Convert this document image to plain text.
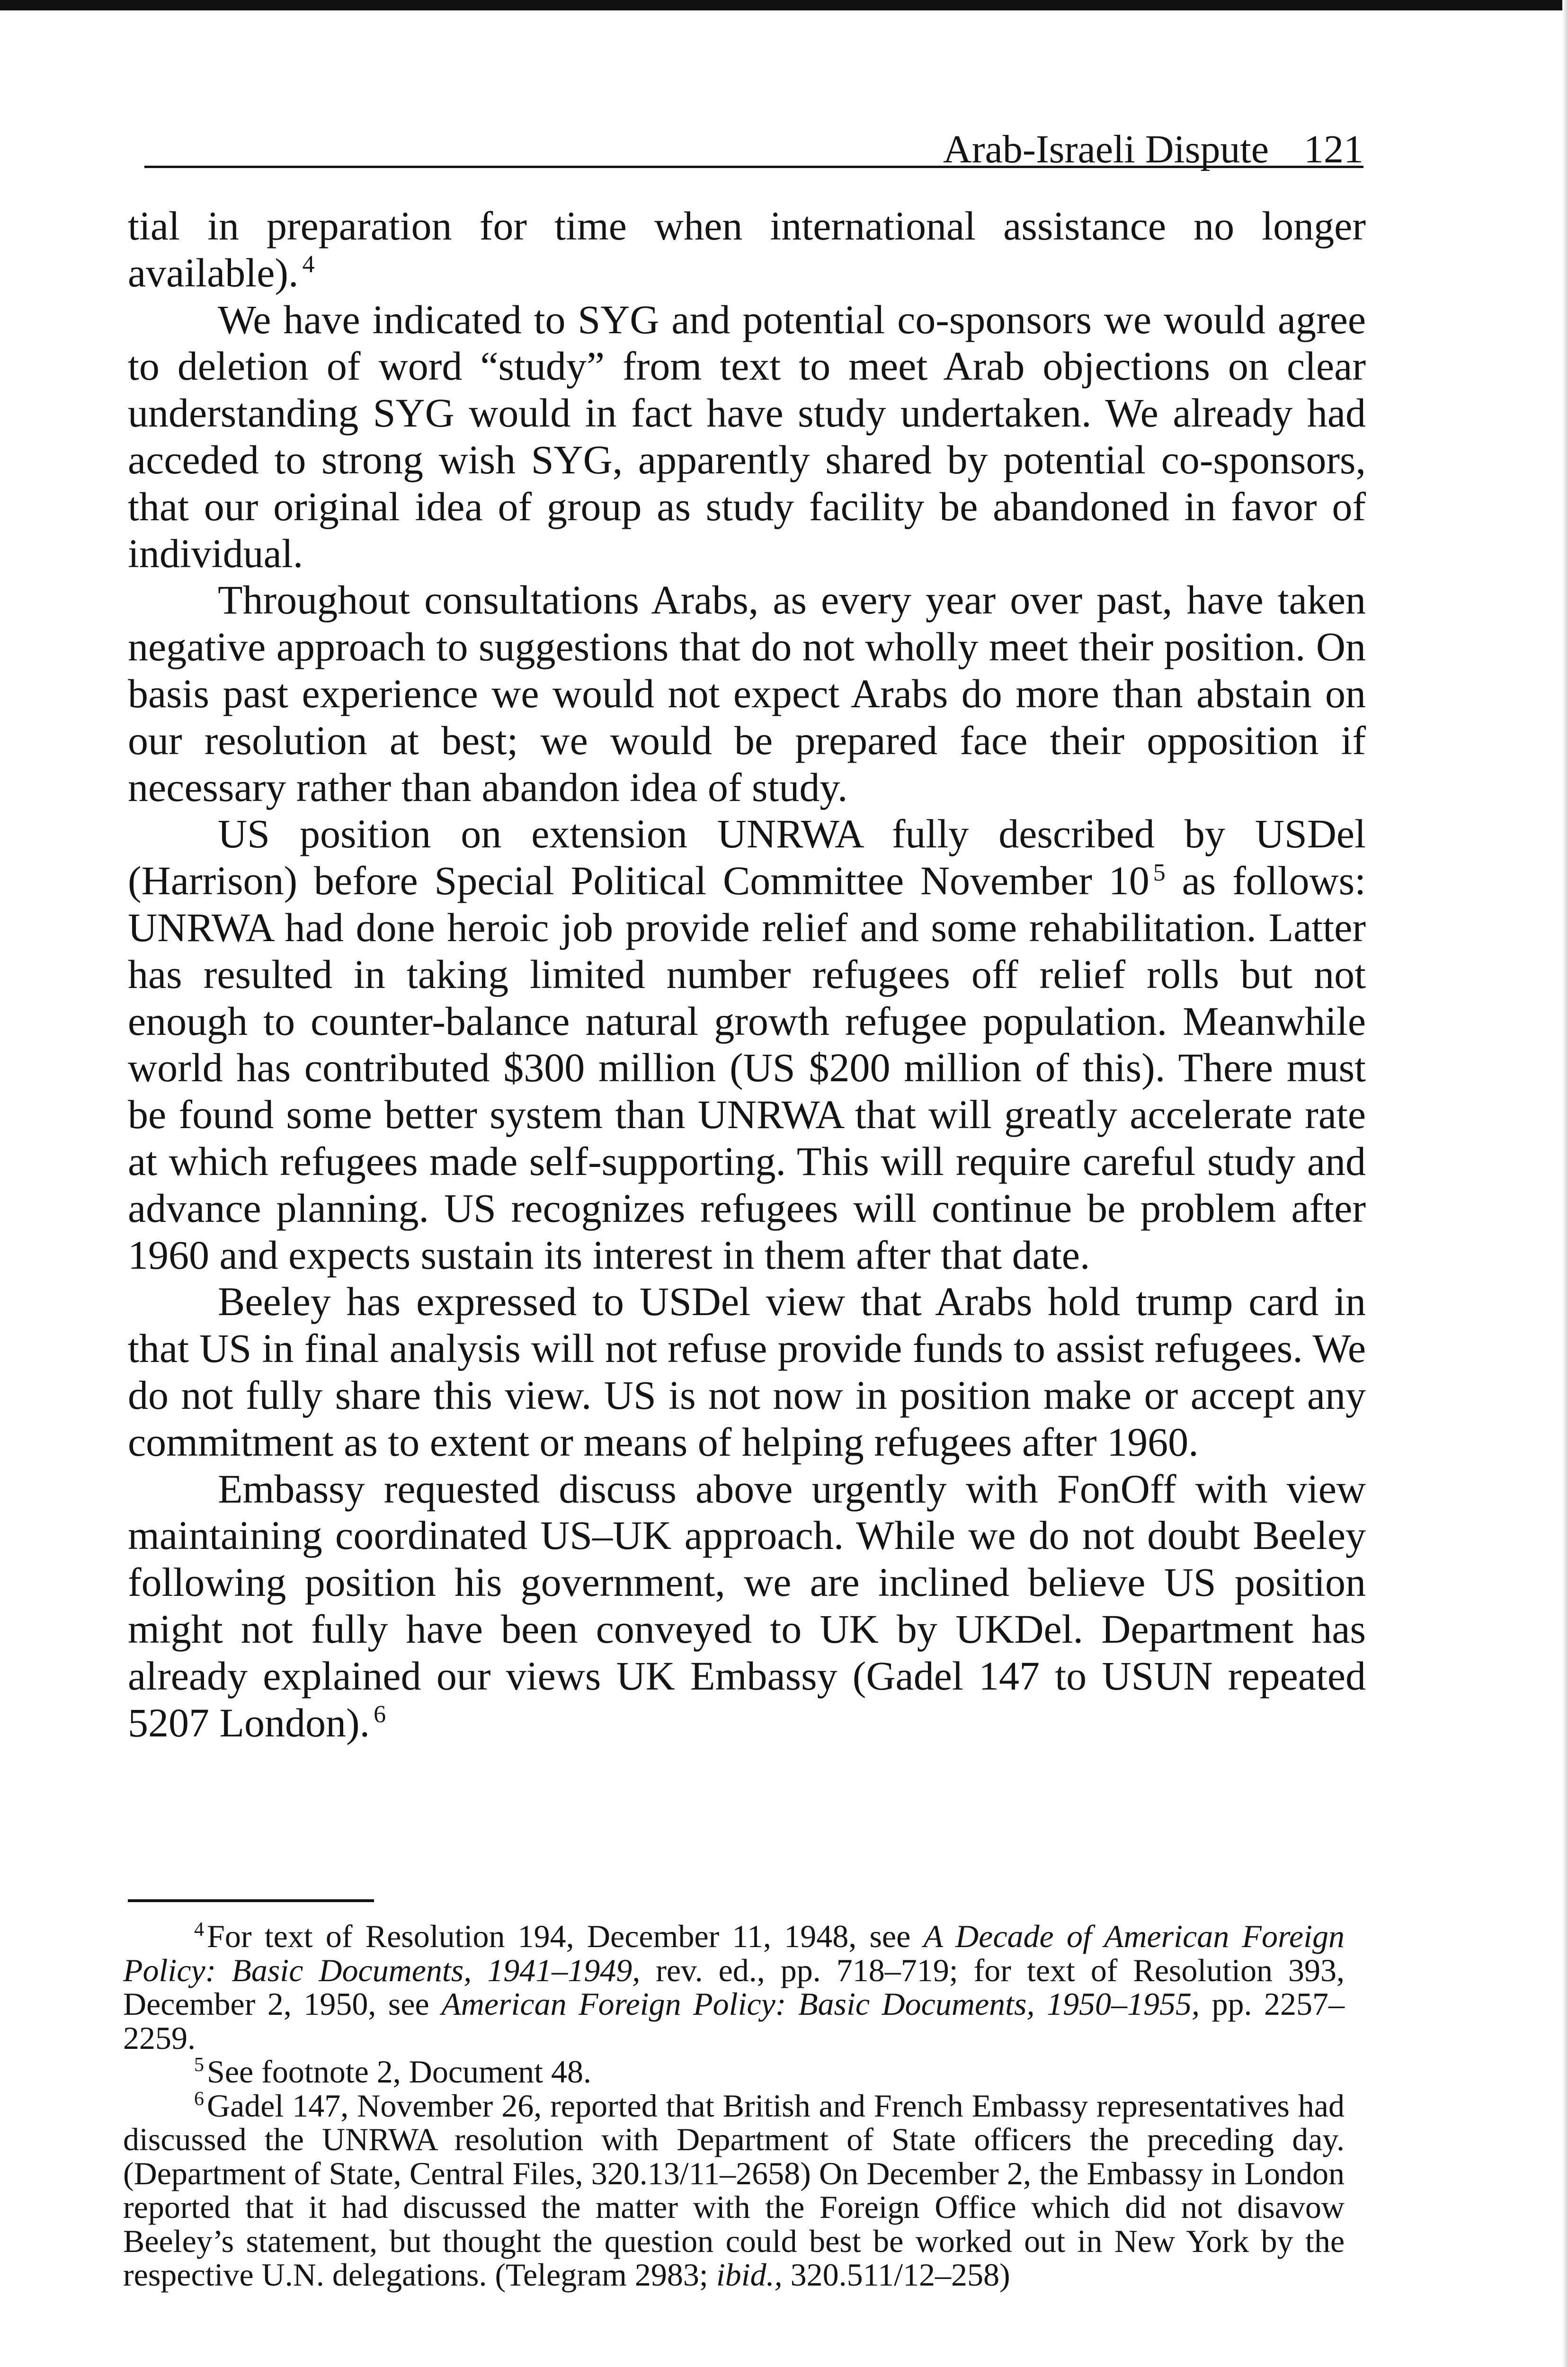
Arab-Israeli Dispute 121

tial in preparation for time when international assistance no longer available). $^4$

We have indicated to SYG and potential co-sponsors we would agree to deletion of word “study” from text to meet Arab objections on clear understanding SYG would in fact have study undertaken. We already had acceded to strong wish SYG, apparently shared by potential co-sponsors, that our original idea of group as study facility be abandoned in favor of individual.

Throughout consultations Arabs, as every year over past, have taken negative approach to suggestions that do not wholly meet their position. On basis past experience we would not expect Arabs do more than abstain on our resolution at best; we would be prepared face their opposition if necessary rather than abandon idea of study.

US position on extension UNRWA fully described by USDel (Harrison) before Special Political Committee November 10 $^5$ as follows: UNRWA had done heroic job provide relief and some rehabilitation. Latter has resulted in taking limited number refugees off relief rolls but not enough to counter-balance natural growth refugee population. Meanwhile world has contributed $300 million (US $200 million of this). There must be found some better system than UNRWA that will greatly accelerate rate at which refugees made self-supporting. This will require careful study and advance planning. US recognizes refugees will continue be problem after 1960 and expects sustain its interest in them after that date.

Beeley has expressed to USDel view that Arabs hold trump card in that US in final analysis will not refuse provide funds to assist refugees. We do not fully share this view. US is not now in position make or accept any commitment as to extent or means of helping refugees after 1960.

Embassy requested discuss above urgently with FonOff with view maintaining coordinated US–UK approach. While we do not doubt Beeley following position his government, we are inclined believe US position might not fully have been conveyed to UK by UKDel. Department has already explained our views UK Embassy (Gadel 147 to USUN repeated 5207 London). $^6$

$^4$For text of Resolution 194, December 11, 1948, see A Decade of American Foreign Policy: Basic Documents, 1941–1949, rev. ed., pp. 718–719; for text of Resolution 393, December 2, 1950, see American Foreign Policy: Basic Documents, 1950–1955, pp. 2257–2259.

$^5$See footnote 2, Document 48.

$^6$Gadel 147, November 26, reported that British and French Embassy representatives had discussed the UNRWA resolution with Department of State officers the preceding day. (Department of State, Central Files, 320.13/11–2658) On December 2, the Embassy in London reported that it had discussed the matter with the Foreign Office which did not disavow Beeley’s statement, but thought the question could best be worked out in New York by the respective U.N. delegations. (Telegram 2983; ibid., 320.511/12–258)
